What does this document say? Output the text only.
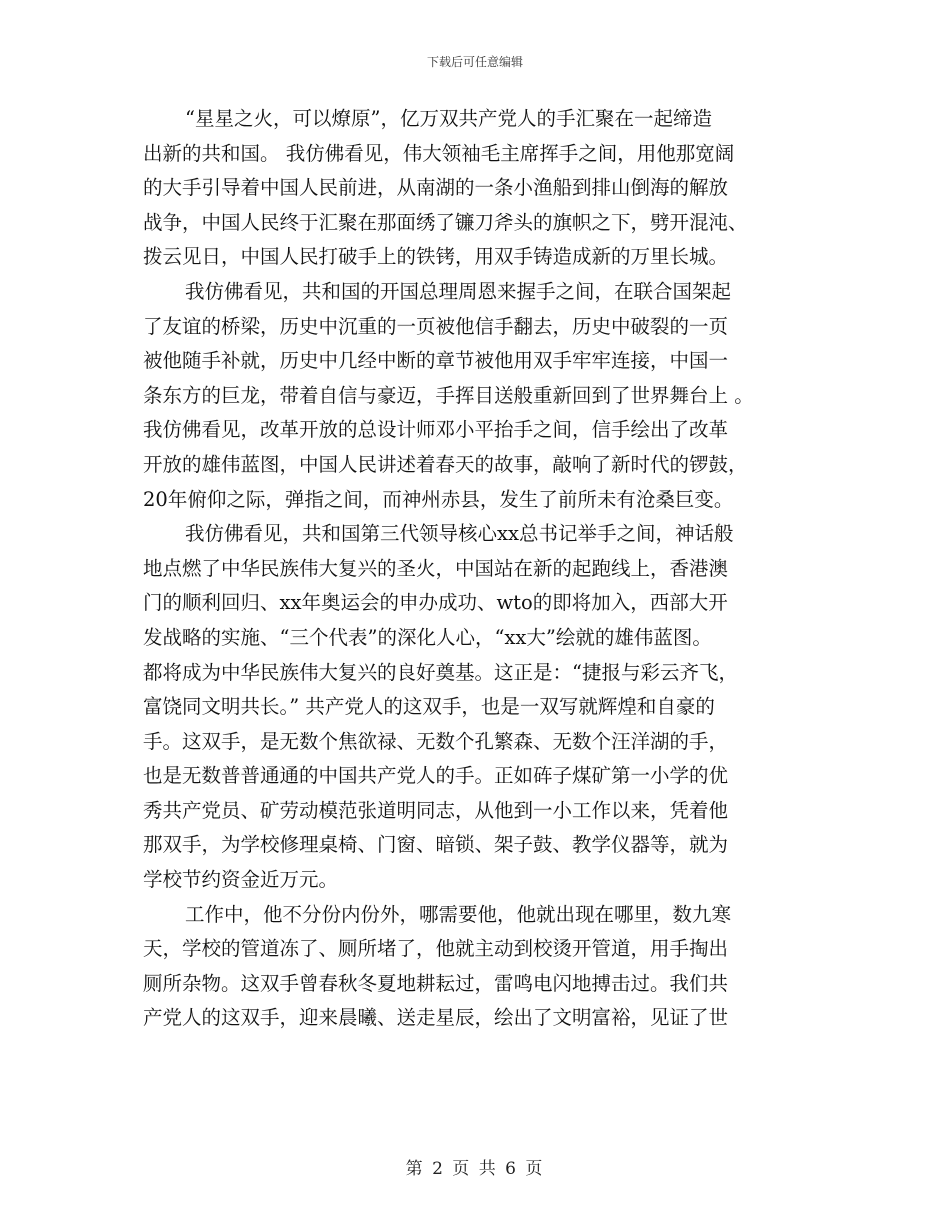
下载后可任意编辑
“星星之火，可以燎原”，亿万双共产党人的手汇聚在一起缔造
出新的共和国。 我仿佛看见，伟大领袖毛主席挥手之间，用他那宽阔
的大手引导着中国人民前进，从南湖的一条小渔船到排山倒海的解放
战争，中国人民终于汇聚在那面绣了镰刀斧头的旗帜之下，劈开混沌、
拨云见日，中国人民打破手上的铁铐，用双手铸造成新的万里长城。
我仿佛看见，共和国的开国总理周恩来握手之间，在联合国架起
了友谊的桥梁，历史中沉重的一页被他信手翻去，历史中破裂的一页
被他随手补就，历史中几经中断的章节被他用双手牢牢连接，中国一
条东方的巨龙，带着自信与豪迈，手挥目送般重新回到了世界舞台上 。
我仿佛看见，改革开放的总设计师邓小平抬手之间，信手绘出了改革
开放的雄伟蓝图，中国人民讲述着春天的故事，敲响了新时代的锣鼓，
20年俯仰之际，弹指之间，而神州赤县，发生了前所未有沧桑巨变。
我仿佛看见，共和国第三代领导核心xx总书记举手之间，神话般
地点燃了中华民族伟大复兴的圣火，中国站在新的起跑线上，香港澳
门的顺利回归、xx年奥运会的申办成功、wto的即将加入，西部大开
发战略的实施、“三个代表”的深化人心，“xx大”绘就的雄伟蓝图。
都将成为中华民族伟大复兴的良好奠基。这正是：“捷报与彩云齐飞，
富饶同文明共长。” 共产党人的这双手，也是一双写就辉煌和自豪的
手。这双手，是无数个焦欲禄、无数个孔繁森、无数个汪洋湖的手，
也是无数普普通通的中国共产党人的手。正如砗子煤矿第一小学的优
秀共产党员、矿劳动模范张道明同志，从他到一小工作以来，凭着他
那双手，为学校修理桌椅、门窗、暗锁、架子鼓、教学仪器等，就为
学校节约资金近万元。
工作中，他不分份内份外，哪需要他，他就出现在哪里，数九寒
天，学校的管道冻了、厕所堵了，他就主动到校烫开管道，用手掏出
厕所杂物。这双手曾春秋冬夏地耕耘过，雷鸣电闪地搏击过。我们共
产党人的这双手，迎来晨曦、送走星辰，绘出了文明富裕，见证了世
第 2 页 共 6 页
